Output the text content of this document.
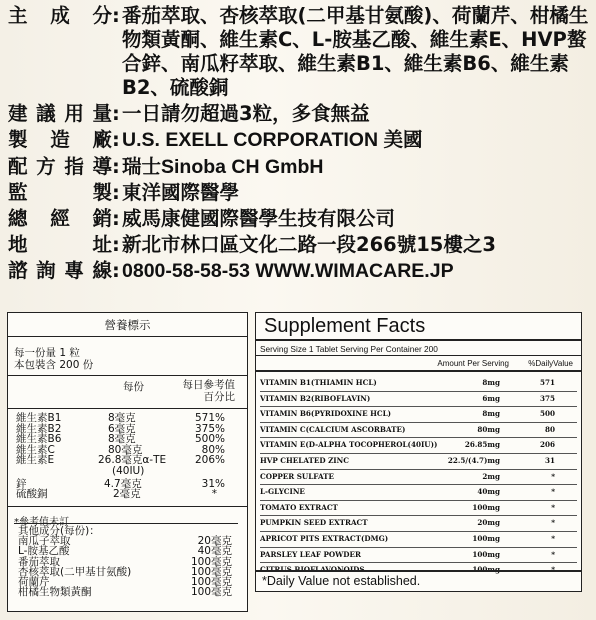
主 成 分 : 番茄萃取、杏核萃取(二甲基甘氨酸)、荷蘭芹、柑橘生物類黃酮、維生素C、L-胺基乙酸、維生素E、HVP螯合鋅、南瓜籽萃取、維生素B1、維生素B6、維生素B2、硫酸銅
建 議 用 量 : 一日請勿超過3粒，多食無益
製 造 廠 : U.S. EXELL CORPORATION 美國
配 方 指 導 : 瑞士Sinoba CH GmbH
監	製 : 東洋國際醫學
總 經 銷 : 威馬康健國際醫學生技有限公司
地	址 : 新北市林口區文化二路一段266號15樓之3
諮 詢 專 線 : 0800-58-58-53 WWW.WIMACARE.JP
營養標示
每一份量 1 粒
本包裝含 200 份
每份	每日參考值百分比
維生素B1	8毫克	571%
維生素B2	6毫克	375%
維生素B6	8毫克	500%
維生素C	80毫克	80%
維生素E	26.8毫克α-TE	206%
(40IU)
鋅	4.7毫克	31%
硫酸銅	2毫克	*
*參考值未訂
其他成分(每份)：
南瓜子萃取	20毫克
L-胺基乙酸	40毫克
番茄萃取	100毫克
杏核萃取(二甲基甘氨酸)	100毫克
荷蘭芹	100毫克
柑橘生物類黃酮	100毫克
Supplement Facts
Serving Size 1 Tablet Serving Per Container 200
Amount Per Serving %DailyValue
VITAMIN B1(THIAMIN HCL)	8mg	571
VITAMIN B2(RIBOFLAVIN)	6mg	375
VITAMIN B6(PYRIDOXINE HCL)	8mg	500
VITAMIN C(CALCIUM ASCORBATE)	80mg	80
VITAMIN E(D-ALPHA TOCOPHEROL(40IU))	26.85mg	206
HVP CHELATED ZINC	22.5/(4.7)mg	31
COPPER SULFATE	2mg	*
L-GLYCINE	40mg	*
TOMATO EXTRACT	100mg	*
PUMPKIN SEED EXTRACT	20mg	*
APRICOT PITS EXTRACT(DMG)	100mg	*
PARSLEY LEAF POWDER	100mg	*
CITRUS BIOFLAVONOIDS	100mg	*
*Daily Value not established.
